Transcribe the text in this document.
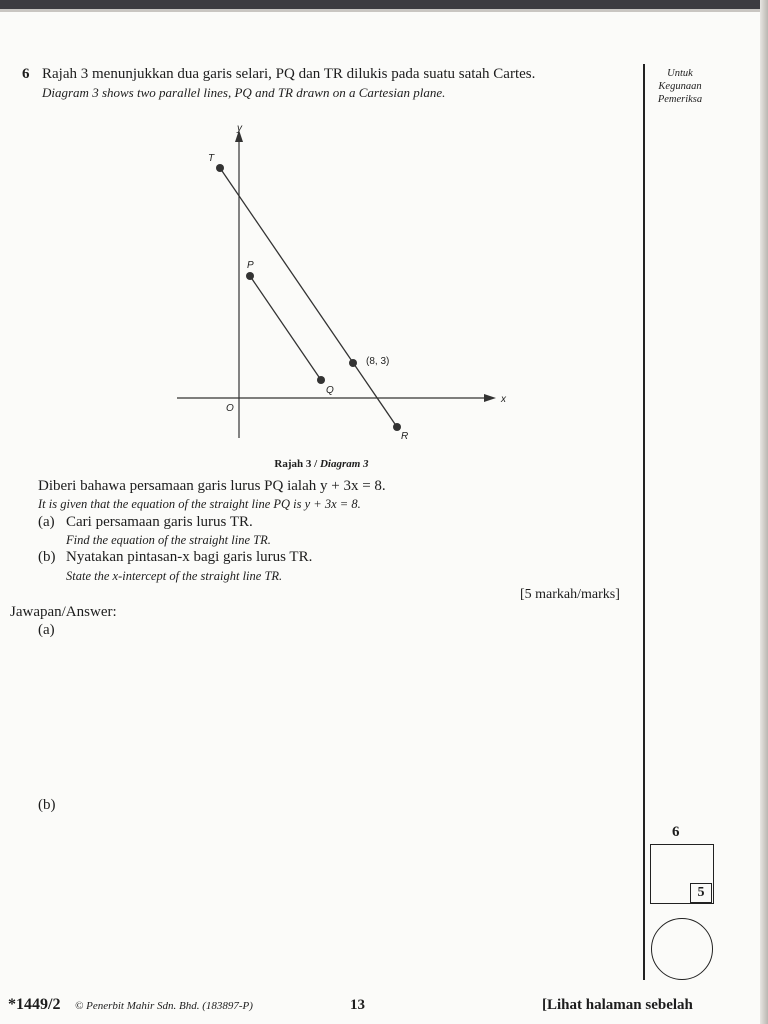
6 Rajah 3 menunjukkan dua garis selari, PQ dan TR dilukis pada suatu satah Cartes.
Diagram 3 shows two parallel lines, PQ and TR drawn on a Cartesian plane.
Untuk
Kegunaan
Pemeriksa
y
x
O
T
P
Q
R
(8, 3)
Rajah 3 / Diagram 3
Diberi bahawa persamaan garis lurus PQ ialah y + 3x = 8.
It is given that the equation of the straight line PQ is y + 3x = 8.
(a) Cari persamaan garis lurus TR.
Find the equation of the straight line TR.
(b) Nyatakan pintasan-x bagi garis lurus TR.
State the x-intercept of the straight line TR.
[5 markah/marks]
Jawapan/Answer:
(a)
(b)
6
5
*1449/2 © Penerbit Mahir Sdn. Bhd. (183897-P)	13	[Lihat halaman sebelah
